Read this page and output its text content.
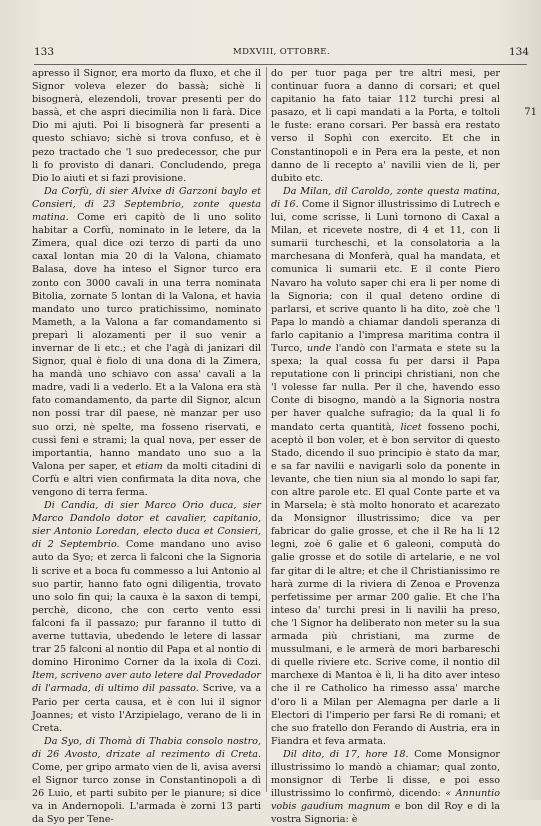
133	MDXVIII, OTTOBRE.	134
71

apresso il Signor, era morto da fluxo, et che il Signor voleva elezer do bassà; sichè li bisognerà, elezendoli, trovar presenti per do bassà, et che aspri diecimilia non li farà. Dice Dio mi ajuti. Poi li bisognerà far presenti a questo schiavo; sichè si trova confuso, et è pezo tractado che 'l suo predecessor, che pur li fo provisto di danari. Concludendo, prega Dio lo aiuti et si fazi provisione.

Da Corfù, di sier Alvixe di Garzoni baylo et Consieri, di 23 Septembrio, zonte questa matina. Come eri capitò de li uno solito habitar a Corfù, nominato in le letere, da la Zimera, qual dice ozi terzo di parti da uno caxal lontan mia 20 di la Valona, chiamato Balasa, dove ha inteso el Signor turco era zonto con 3000 cavali in una terra nominata Bitolia, zornate 5 lontan di la Valona, et havia mandato uno turco pratichissimo, nominato Mameth, a la Valona a far comandamento si preparì li alozamenti per il suo venir a invernar de li etc.; et che l'agà di janizari dil Signor, qual è fiolo di una dona di la Zimera, ha mandà uno schiavo con assa' cavali a la madre, vadi li a vederlo. Et a la Valona era stà fato comandamento, da parte dil Signor, alcun non possi trar dil paese, nè manzar per uso suo orzi, nè spelte, ma fosseno riservati, e cussì feni e strami; la qual nova, per esser de importantia, hanno mandato uno suo a la Valona per saper, et etiam da molti citadini di Corfù e altri vien confirmata la dita nova, che vengono di terra ferma.

Di Candia, di sier Marco Orio duca, sier Marco Dandolo dotor et cavalier, capitanio, sier Antonio Loredan, electo duca et Consieri, di 2 Septembrio. Come mandano uno aviso auto da Syo; et zerca li falconi che la Signoria li scrive et a boca fu commesso a lui Antonio al suo partir, hanno fato ogni diligentia, trovato uno solo fin qui; la cauxa è la saxon di tempi, perchè, dicono, che con certo vento essi falconi fa il passazo; pur faranno il tutto di averne tuttavia, ubedendo le letere di lassar trar 25 falconi al nontio dil Papa et al nontio di domino Hironimo Corner da la ixola di Cozi. Item, scriveno aver auto letere dal Provedador di l'armada, di ultimo dil passato. Scrive, va a Pario per certa causa, et è con lui il signor Joannes; et visto l'Arzipielago, verano de li in Creta.

Da Syo, di Thomà di Thabia consolo nostro, di 26 Avosto, drizate al rezimento di Creta. Come, per gripo armato vien de li, avisa aversi el Signor turco zonse in Constantinopoli a dì 26 Luio, et parti subito per le pianure; si dice va in Andernopoli. L'armada è zorni 13 parti da Syo per Tene-

do per tuor paga per tre altri mesi, per continuar fuora a danno di corsari; et quel capitanio ha fato taiar 112 turchi presi al pasazo, et li capi mandati a la Porta, e toltoli le fuste: erano corsari. Per bassà era restato verso il Sophì con exercito. Et che in Constantinopoli e in Pera era la peste, et non danno de li recepto a' navilii vien de li, per dubito etc.

Da Milan, dil Caroldo, zonte questa matina, di 16. Come il Signor illustrissimo di Lutrech e lui, come scrisse, li Lunì tornono di Caxal a Milan, et ricevete nostre, di 4 et 11, con li sumarii turcheschi, et la consolatoria a la marchesana di Monferà, qual ha mandata, et comunica li sumarii etc. E il conte Piero Navaro ha voluto saper chi era li per nome di la Signoria; con il qual deteno ordine di parlarsi, et scrive quanto li ha dito, zoè che 'l Papa lo mandò a chiamar dandoli speranza di farlo capitanio a l'impresa maritima contra il Turco, unde l'andò con l'armata e stete su la spexa; la qual cossa fu per darsi il Papa reputatione con li principi christiani, non che 'l volesse far nulla. Per il che, havendo esso Conte di bisogno, mandò a la Signoria nostra per haver qualche sufragio; da la qual li fo mandato certa quantità, licet fosseno pochi, aceptò il bon voler, et è bon servitor di questo Stado, dicendo il suo principio è stato da mar, e sa far navilii e navigarli solo da ponente in levante, che tien niun sia al mondo lo sapi far, con altre parole etc. El qual Conte parte et va in Marsela; è stà molto honorato et acarezato da Monsignor illustrissimo; dice va per fabricar do galie grosse, et che il Re ha li 12 legni, zoè 6 galie et 6 galeoni, computà do galie grosse et do sotile di artelarie, e ne vol far gitar di le altre; et che il Christianissimo re harà zurme di la riviera di Zenoa e Provenza perfetissime per armar 200 galie. Et che l'ha inteso da' turchi presi in li navilii ha preso, che 'l Signor ha deliberato non meter su la sua armada più christiani, ma zurme de mussulmani, e le armerà de mori barbareschi di quelle riviere etc. Scrive come, il nontio dil marchexe di Mantoa è lì, li ha dito aver inteso che il re Catholico ha rimesso assa' marche d'oro li a Milan per Alemagna per darle a li Electori di l'imperio per farsi Re di romani; et che suo fratello don Ferando di Austria, era in Fiandra et feva armata.

Dil dito, di 17, hore 18. Come Monsignor illustrissimo lo mandò a chiamar; qual zonto, monsignor di Terbe li disse, e poi esso illustrissimo lo confirmò, dicendo: « Annuntio vobis gaudium magnum e bon dil Roy e di la vostra Signoria: è
